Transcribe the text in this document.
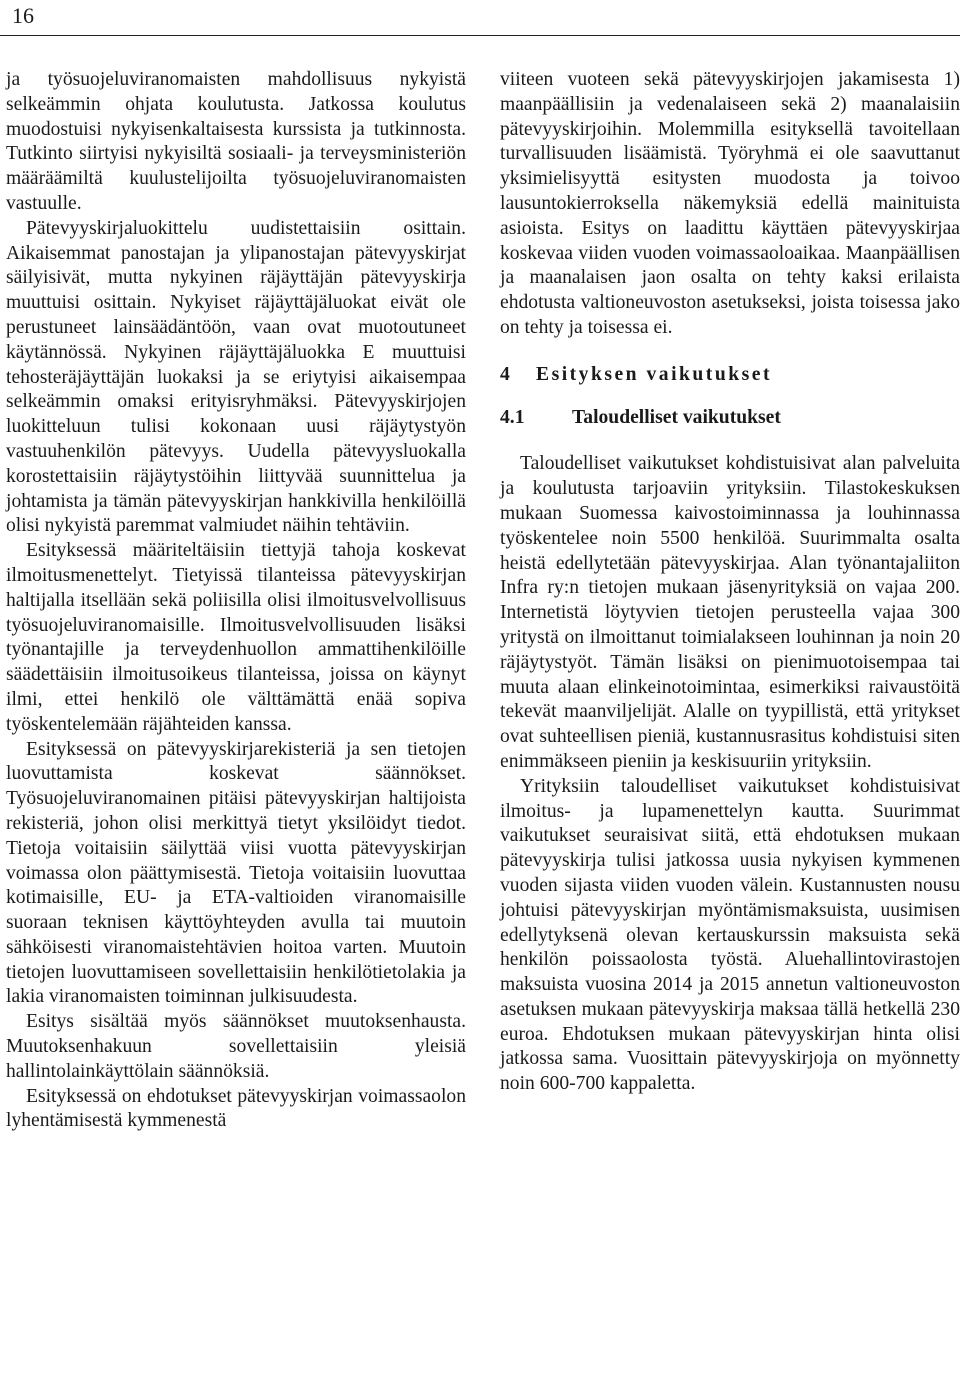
16

ja työsuojeluviranomaisten mahdollisuus nykyistä selkeämmin ohjata koulutusta. Jatkossa koulutus muodostuisi nykyisenkaltaisesta kurssista ja tutkinnosta. Tutkinto siirtyisi nykyisiltä sosiaali- ja terveysministeriön määräämiltä kuulustelijoilta työsuojeluviranomaisten vastuulle.

Pätevyyskirjaluokittelu uudistettaisiin osittain. Aikaisemmat panostajan ja ylipanostajan pätevyyskirjat säilyisivät, mutta nykyinen räjäyttäjän pätevyyskirja muuttuisi osittain. Nykyiset räjäyttäjäluokat eivät ole perustuneet lainsäädäntöön, vaan ovat muotoutuneet käytännössä. Nykyinen räjäyttäjäluokka E muuttuisi tehosteräjäyttäjän luokaksi ja se eriytyisi aikaisempaa selkeämmin omaksi erityisryhmäksi. Pätevyyskirjojen luokitteluun tulisi kokonaan uusi räjäytystyön vastuuhenkilön pätevyys. Uudella pätevyysluokalla korostettaisiin räjäytystöihin liittyvää suunnittelua ja johtamista ja tämän pätevyyskirjan hankkivilla henkilöillä olisi nykyistä paremmat valmiudet näihin tehtäviin.

Esityksessä määriteltäisiin tiettyjä tahoja koskevat ilmoitusmenettelyt. Tietyissä tilanteissa pätevyyskirjan haltijalla itsellään sekä poliisilla olisi ilmoitusvelvollisuus työsuojeluviranomaisille. Ilmoitusvelvollisuuden lisäksi työnantajille ja terveydenhuollon ammattihenkilöille säädettäisiin ilmoitusoikeus tilanteissa, joissa on käynyt ilmi, ettei henkilö ole välttämättä enää sopiva työskentelemään räjähteiden kanssa.

Esityksessä on pätevyyskirjarekisteriä ja sen tietojen luovuttamista koskevat säännökset. Työsuojeluviranomainen pitäisi pätevyyskirjan haltijoista rekisteriä, johon olisi merkittyä tietyt yksilöidyt tiedot. Tietoja voitaisiin säilyttää viisi vuotta pätevyyskirjan voimassa olon päättymisestä. Tietoja voitaisiin luovuttaa kotimaisille, EU- ja ETA-valtioiden viranomaisille suoraan teknisen käyttöyhteyden avulla tai muutoin sähköisesti viranomaistehtävien hoitoa varten. Muutoin tietojen luovuttamiseen sovellettaisiin henkilötietolakia ja lakia viranomaisten toiminnan julkisuudesta.

Esitys sisältää myös säännökset muutoksenhausta. Muutoksenhakuun sovellettaisiin yleisiä hallintolainkäyttölain säännöksiä.

Esityksessä on ehdotukset pätevyyskirjan voimassaolon lyhentämisestä kymmenestä

viiteen vuoteen sekä pätevyyskirjojen jakamisesta 1) maanpäällisiin ja vedenalaiseen sekä 2) maanalaisiin pätevyyskirjoihin. Molemmilla esityksellä tavoitellaan turvallisuuden lisäämistä. Työryhmä ei ole saavuttanut yksimielisyyttä esitysten muodosta ja toivoo lausuntokierroksella näkemyksiä edellä mainituista asioista. Esitys on laadittu käyttäen pätevyyskirjaa koskevaa viiden vuoden voimassaoloaikaa. Maanpäällisen ja maanalaisen jaon osalta on tehty kaksi erilaista ehdotusta valtioneuvoston asetukseksi, joista toisessa jako on tehty ja toisessa ei.

4 Esityksen vaikutukset
4.1 Taloudelliset vaikutukset

Taloudelliset vaikutukset kohdistuisivat alan palveluita ja koulutusta tarjoaviin yrityksiin. Tilastokeskuksen mukaan Suomessa kaivostoiminnassa ja louhinnassa työskentelee noin 5500 henkilöä. Suurimmalta osalta heistä edellytetään pätevyyskirjaa. Alan työnantajaliiton Infra ry:n tietojen mukaan jäsenyrityksiä on vajaa 200. Internetistä löytyvien tietojen perusteella vajaa 300 yritystä on ilmoittanut toimialakseen louhinnan ja noin 20 räjäytystyöt. Tämän lisäksi on pienimuotoisempaa tai muuta alaan elinkeinotoimintaa, esimerkiksi raivaustöitä tekevät maanviljelijät. Alalle on tyypillistä, että yritykset ovat suhteellisen pieniä, kustannusrasitus kohdistuisi siten enimmäkseen pieniin ja keskisuuriin yrityksiin.

Yrityksiin taloudelliset vaikutukset kohdistuisivat ilmoitus- ja lupamenettelyn kautta. Suurimmat vaikutukset seuraisivat siitä, että ehdotuksen mukaan pätevyyskirja tulisi jatkossa uusia nykyisen kymmenen vuoden sijasta viiden vuoden välein. Kustannusten nousu johtuisi pätevyyskirjan myöntämismaksuista, uusimisen edellytyksenä olevan kertauskurssin maksuista sekä henkilön poissaolosta työstä. Aluehallintovirastojen maksuista vuosina 2014 ja 2015 annetun valtioneuvoston asetuksen mukaan pätevyyskirja maksaa tällä hetkellä 230 euroa. Ehdotuksen mukaan pätevyyskirjan hinta olisi jatkossa sama. Vuosittain pätevyyskirjoja on myönnetty noin 600-700 kappaletta.
